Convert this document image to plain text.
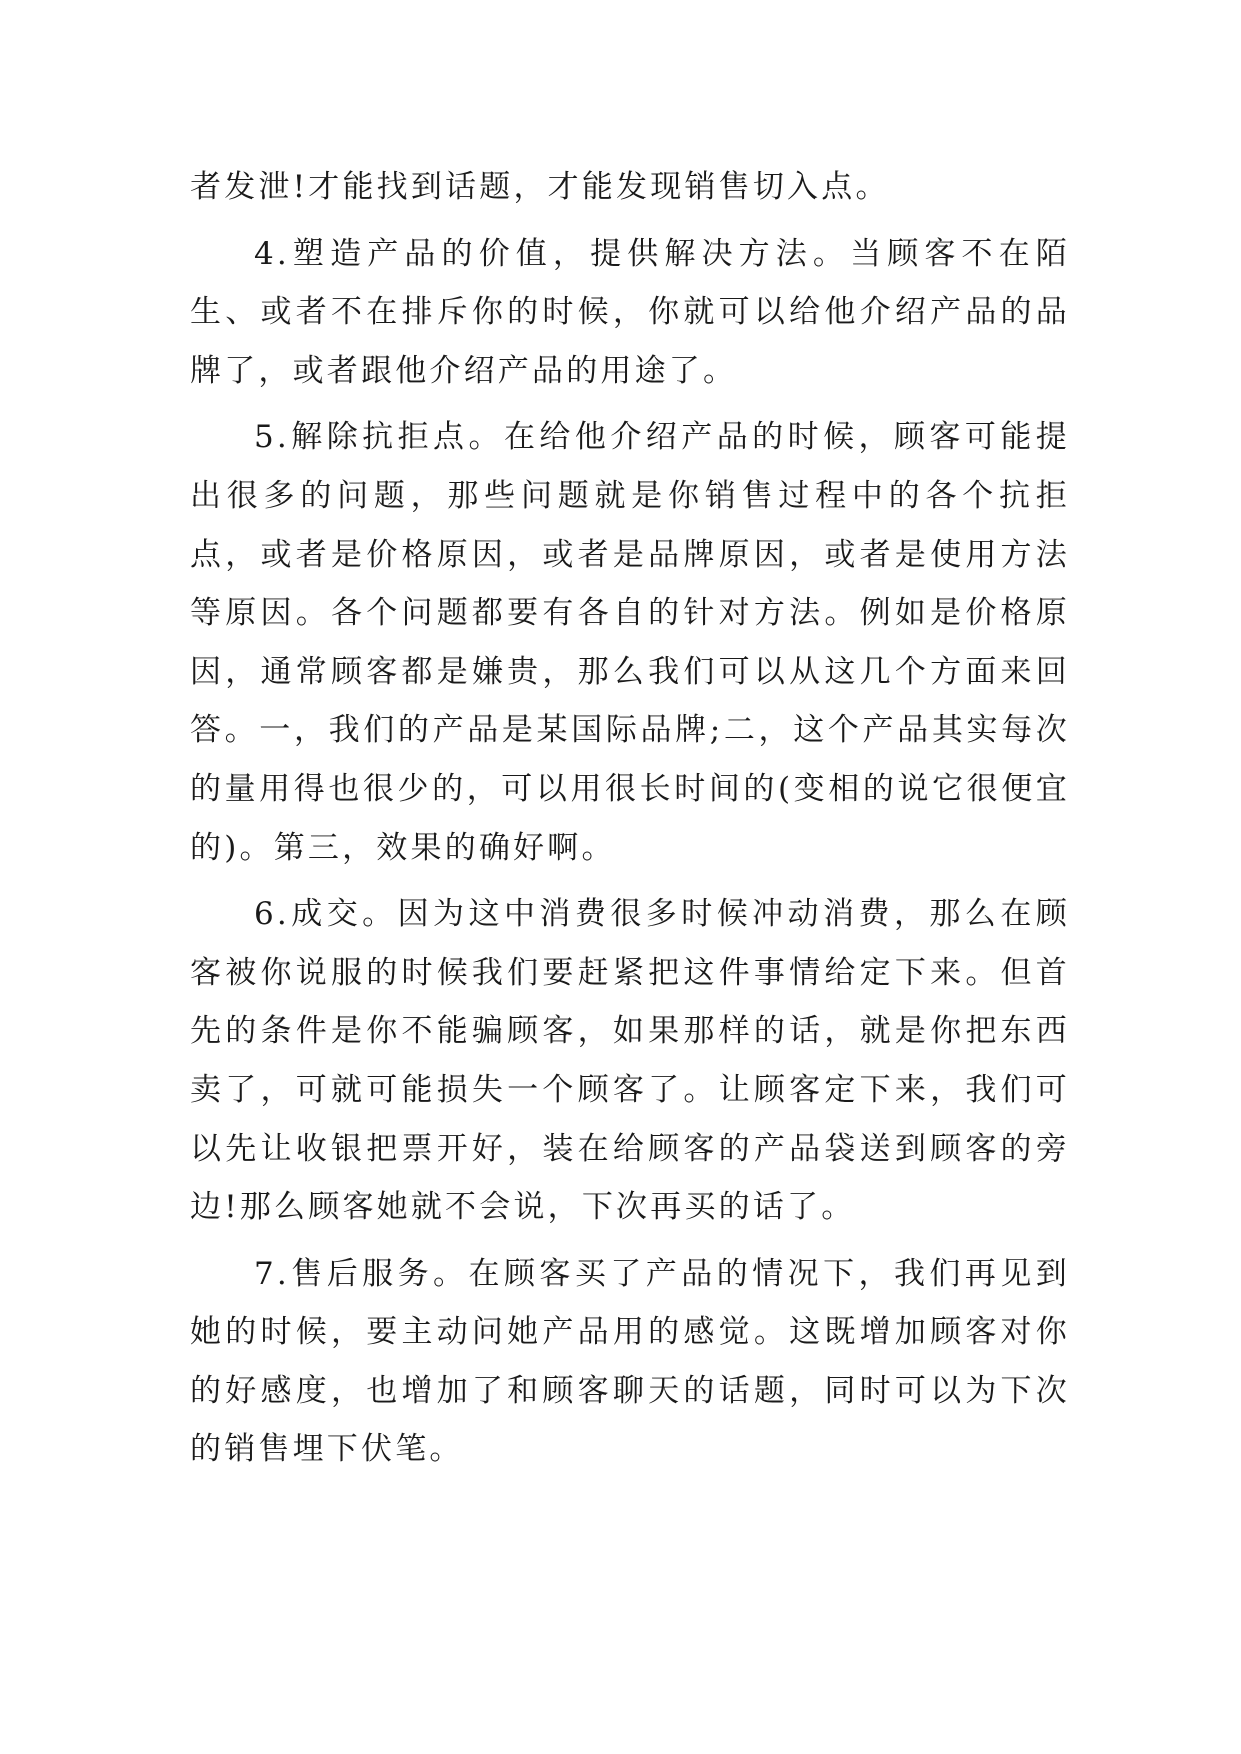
者发泄!才能找到话题，才能发现销售切入点。

4.塑造产品的价值，提供解决方法。当顾客不在陌生、或者不在排斥你的时候，你就可以给他介绍产品的品牌了，或者跟他介绍产品的用途了。

5.解除抗拒点。在给他介绍产品的时候，顾客可能提出很多的问题，那些问题就是你销售过程中的各个抗拒点，或者是价格原因，或者是品牌原因，或者是使用方法等原因。各个问题都要有各自的针对方法。例如是价格原因，通常顾客都是嫌贵，那么我们可以从这几个方面来回答。一，我们的产品是某国际品牌;二，这个产品其实每次的量用得也很少的，可以用很长时间的(变相的说它很便宜的)。第三，效果的确好啊。

6.成交。因为这中消费很多时候冲动消费，那么在顾客被你说服的时候我们要赶紧把这件事情给定下来。但首先的条件是你不能骗顾客，如果那样的话，就是你把东西卖了，可就可能损失一个顾客了。让顾客定下来，我们可以先让收银把票开好，装在给顾客的产品袋送到顾客的旁边!那么顾客她就不会说，下次再买的话了。

7.售后服务。在顾客买了产品的情况下，我们再见到她的时候，要主动问她产品用的感觉。这既增加顾客对你的好感度，也增加了和顾客聊天的话题，同时可以为下次的销售埋下伏笔。
